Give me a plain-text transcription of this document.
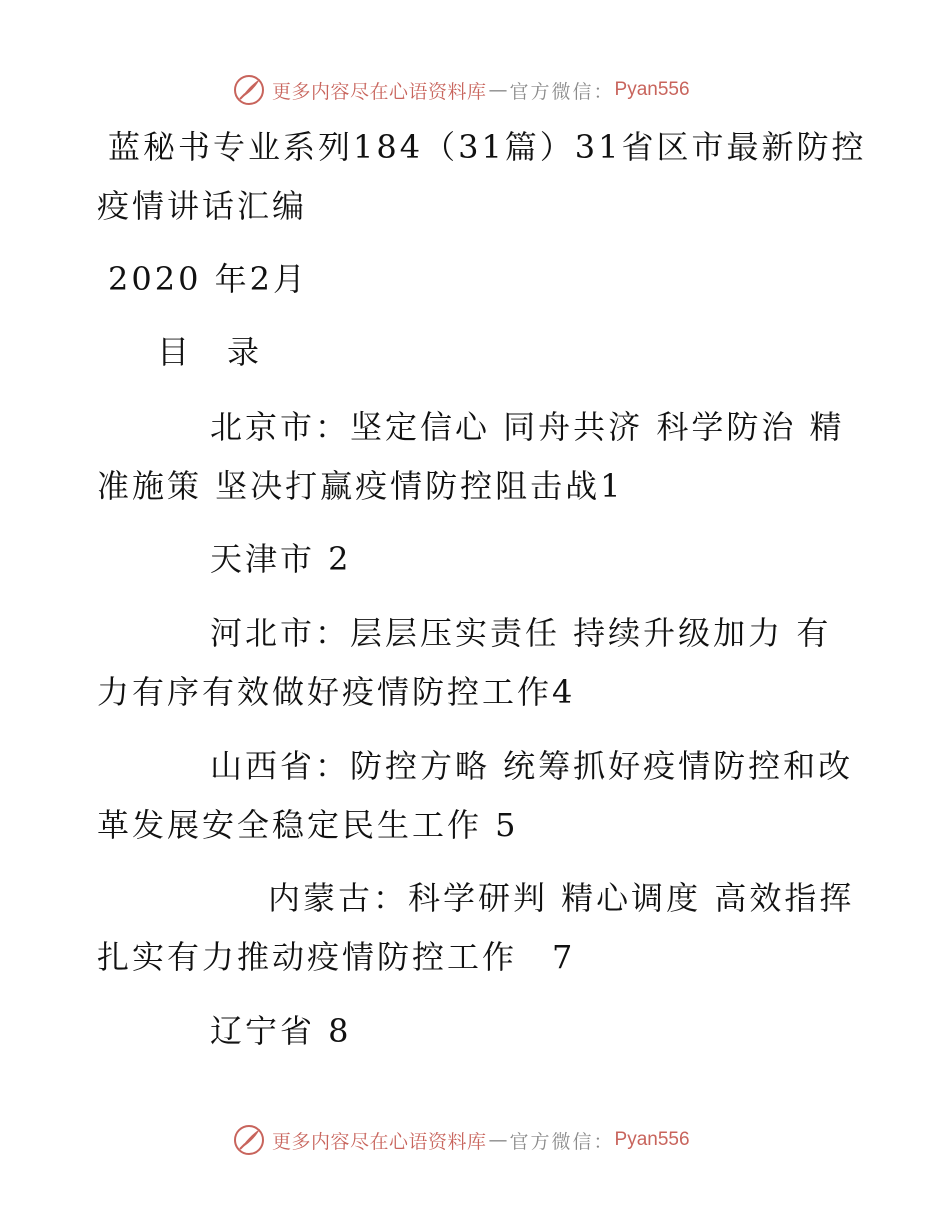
更多内容尽在心语资料库 — 官方微信： Pyan556
蓝秘书专业系列184（31篇）31省区市最新防控
疫情讲话汇编
2020 年2月
目　录
北京市：坚定信心 同舟共济 科学防治 精
准施策 坚决打赢疫情防控阻击战1
天津市 2
河北市：层层压实责任 持续升级加力 有
力有序有效做好疫情防控工作4
山西省：防控方略 统筹抓好疫情防控和改
革发展安全稳定民生工作 5
内蒙古：科学研判 精心调度 高效指挥
扎实有力推动疫情防控工作　7
辽宁省 8
更多内容尽在心语资料库 — 官方微信： Pyan556
